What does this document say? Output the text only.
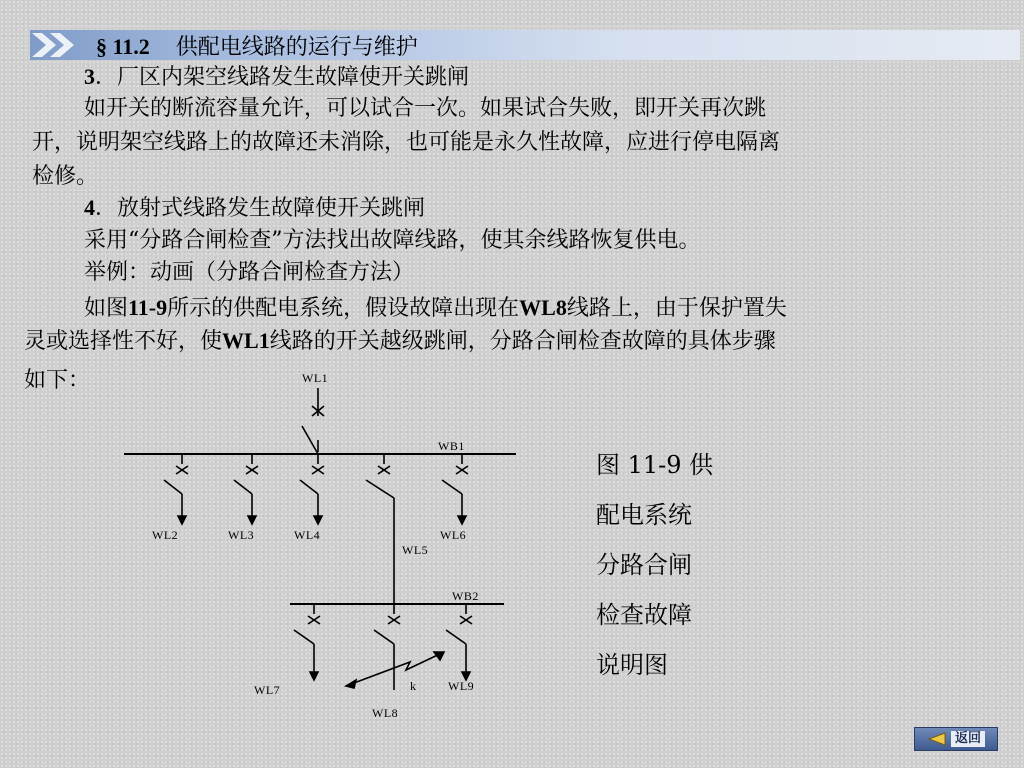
§ 11.2 供配电线路的运行与维护
3．厂区内架空线路发生故障使开关跳闸
如开关的断流容量允许，可以试合一次。如果试合失败，即开关再次跳
开，说明架空线路上的故障还未消除，也可能是永久性故障，应进行停电隔离
检修。
4．放射式线路发生故障使开关跳闸
采用“分路合闸检查”方法找出故障线路，使其余线路恢复供电。
举例：动画（分路合闸检查方法）
如图11-9所示的供配电系统，假设故障出现在WL8线路上，由于保护置失
灵或选择性不好，使WL1线路的开关越级跳闸，分路合闸检查故障的具体步骤
如下：	WL1
WB1
WL2	WL3	WL4
WL5
WL6
WB2
WL7
WL8
WL9
k
图 11-9 供
配电系统
分路合闸
检查故障
说明图
返回
